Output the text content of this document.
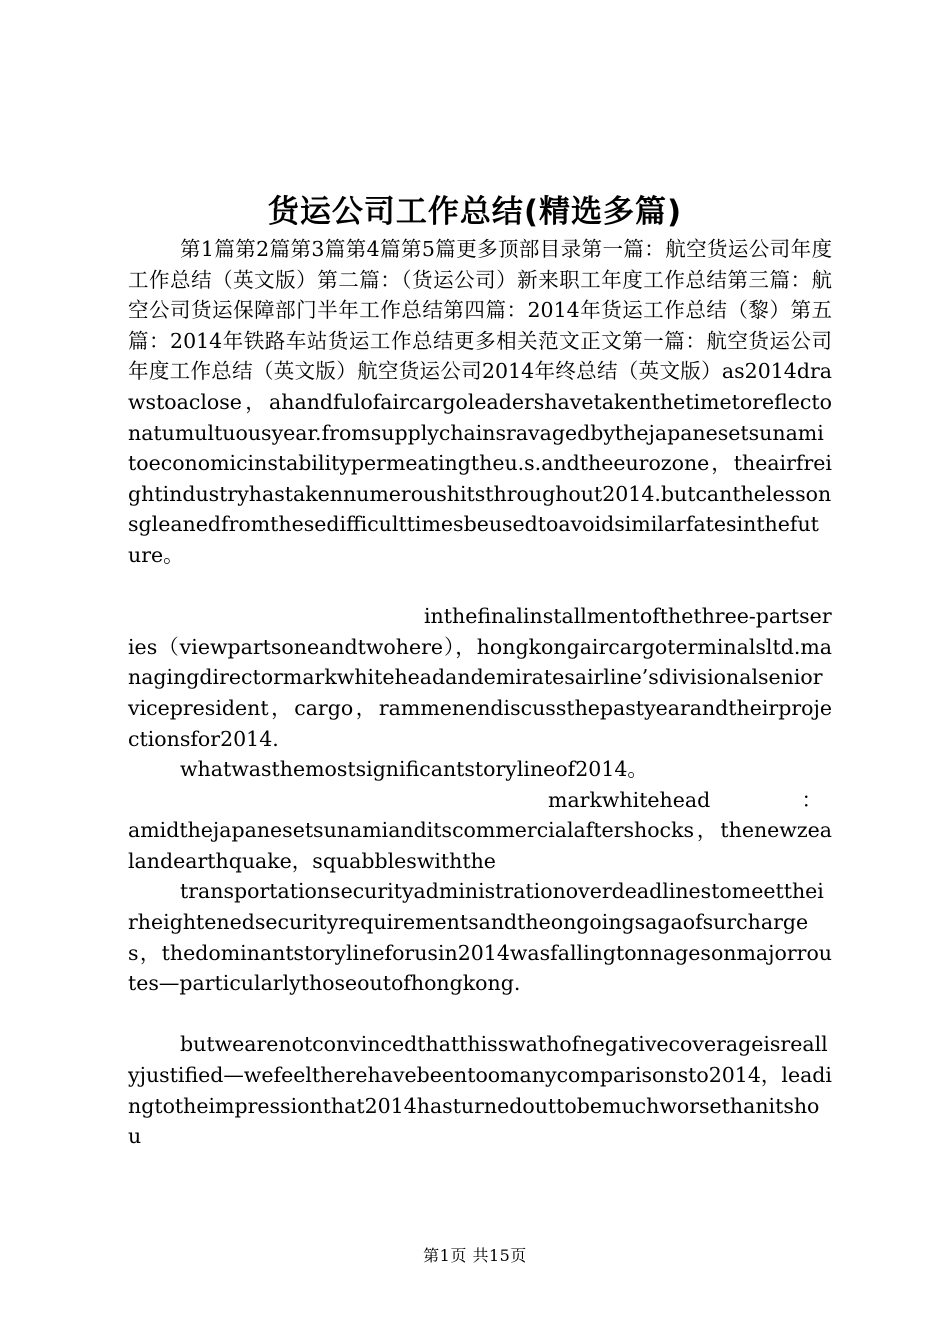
货运公司工作总结(精选多篇)

第1篇第2篇第3篇第4篇第5篇更多顶部目录第一篇：航空货运公司年度工作总结（英文版）第二篇：（货运公司）新来职工年度工作总结第三篇：航空公司货运保障部门半年工作总结第四篇：2014年货运工作总结（黎）第五篇：2014年铁路车站货运工作总结更多相关范文正文第一篇：航空货运公司年度工作总结（英文版）航空货运公司2014年终总结（英文版）as2014drawstoaclose，ahandfulofaircargoleadershavetakenthetimetoreflectonatumultuousyear.fromsupplychainsravagedbythejapanesetsunamitoeconomicinstabilitypermeatingtheu.s.andtheeurozone，theairfreightindustryhastakennumeroushitsthroughout2014.butcanthelessonsgleanedfromthesedifficulttimesbeusedtoavoidsimilarfatesinthefuture。

inthefinalinstallmentofthethree-partseries（viewpartsoneandtwohere），hongkongaircargoterminalsltd.managingdirectormarkwhiteheadandemiratesairline’sdivisionalseniorvicepresident，cargo，rammenendiscussthepastyearandtheirprojectionsfor2014.

whatwasthemostsignificantstorylineof2014。

markwhitehead	：

amidthejapanesetsunamianditscommercialaftershocks，thenewzealandearthquake，squabbleswiththe

transportationsecurityadministrationoverdeadlinestomeettheirheightenedsecurityrequirementsandtheongoingsagaofsurcharges，thedominantstorylineforusin2014wasfallingtonnagesonmajorroutes—particularlythoseoutofhongkong.

butwearenotconvincedthatthisswathofnegativecoverageisreallyjustified—wefeeltherehavebeentoomanycomparisonsto2014，leadingtotheimpressionthat2014hasturnedouttobemuchworsethanitshou

第1页 共15页
